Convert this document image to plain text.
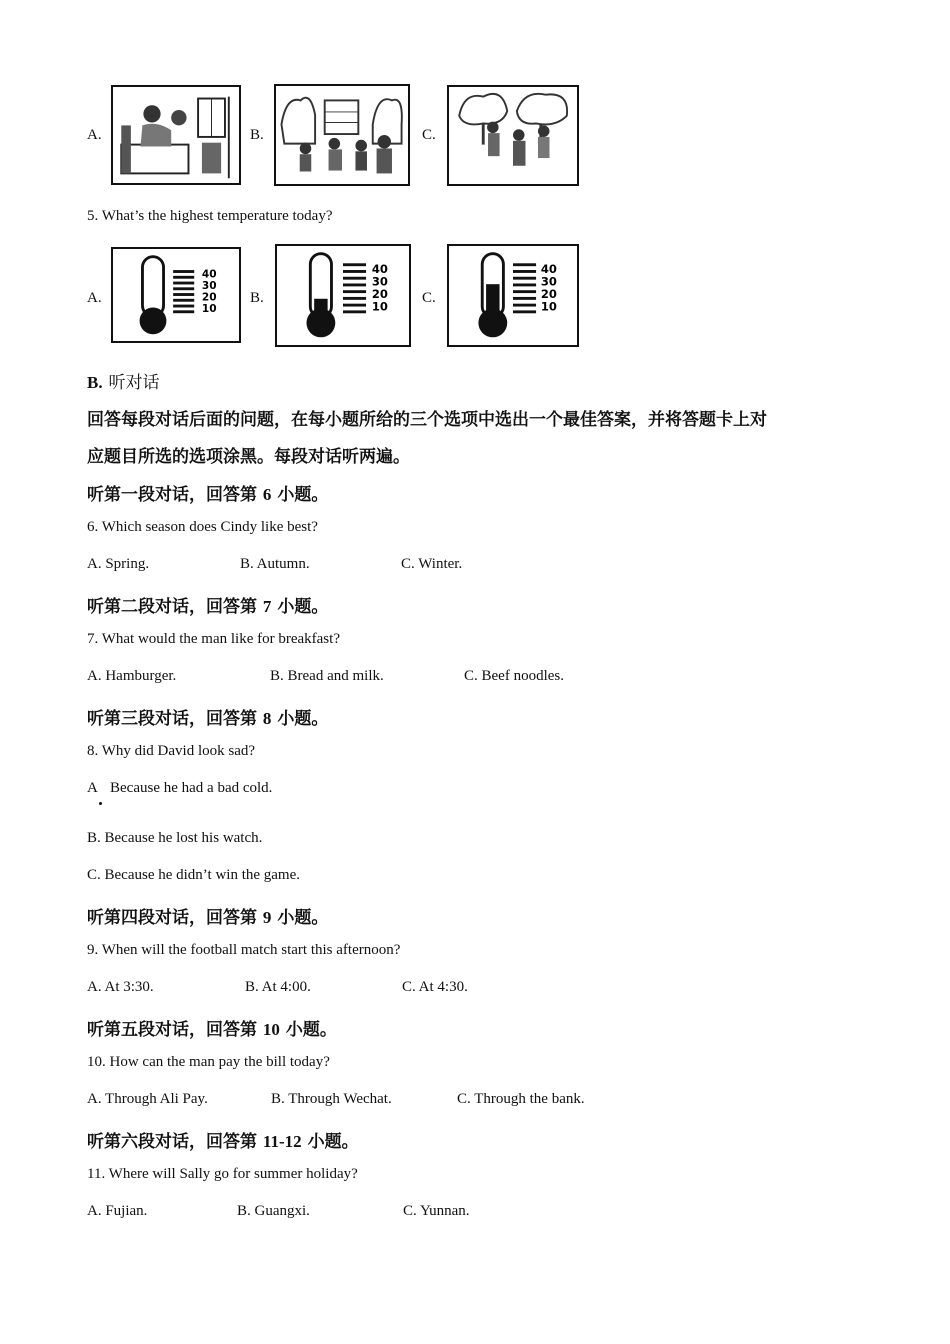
A.	B.	C.
5. What’s the highest temperature today?
A.
40
30
20
10
B.
40
30
20
10
C.
40
30
20
10
B. 听对话
回答每段对话后面的问题，在每小题所给的三个选项中选出一个最佳答案，并将答题卡上对
应题目所选的选项涂黑。每段对话听两遍。
听第一段对话，回答第 6 小题。
6. Which season does Cindy like best?
A. Spring.	B. Autumn.	C. Winter.
听第二段对话，回答第 7 小题。
7. What would the man like for breakfast?
A. Hamburger.	B. Bread and milk.	C. Beef noodles.
听第三段对话，回答第 8 小题。
8. Why did David look sad?
A Because he had a bad cold.
B. Because he lost his watch.
C. Because he didn’t win the game.
听第四段对话，回答第 9 小题。
9. When will the football match start this afternoon?
A. At 3:30.	B. At 4:00.	C. At 4:30.
听第五段对话，回答第 10 小题。
10. How can the man pay the bill today?
A. Through Ali Pay.	B. Through Wechat.	C. Through the bank.
听第六段对话，回答第 11-12 小题。
11. Where will Sally go for summer holiday?
A. Fujian.	B. Guangxi.	C. Yunnan.
